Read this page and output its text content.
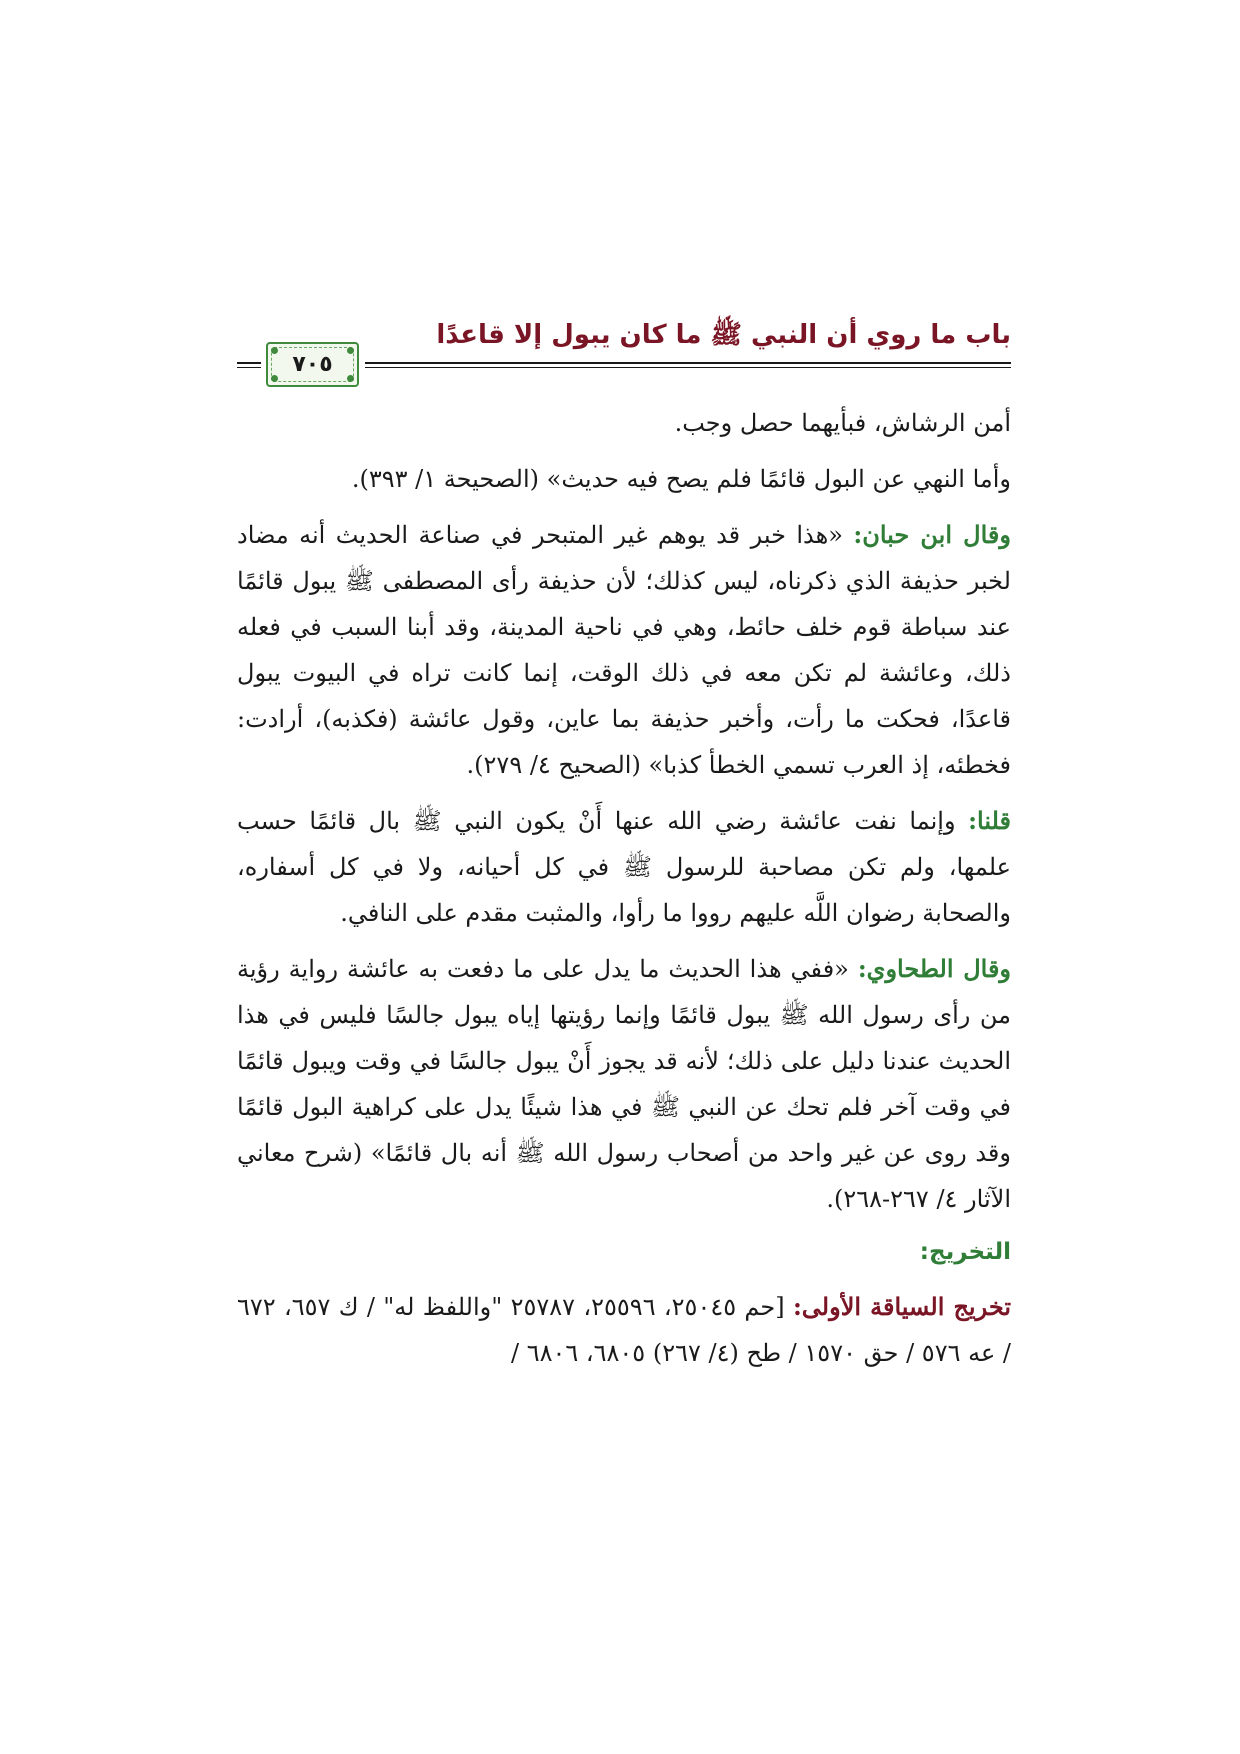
باب ما روي أن النبي ﷺ ما كان يبول إلا قاعدًا
٧٠٥

أمن الرشاش، فبأيهما حصل وجب.

وأما النهي عن البول قائمًا فلم يصح فيه حديث» (الصحيحة ١/ ٣٩٣).

وقال ابن حبان: «هذا خبر قد يوهم غير المتبحر في صناعة الحديث أنه مضاد لخبر حذيفة الذي ذكرناه، ليس كذلك؛ لأن حذيفة رأى المصطفى ﷺ يبول قائمًا عند سباطة قوم خلف حائط، وهي في ناحية المدينة، وقد أبنا السبب في فعله ذلك، وعائشة لم تكن معه في ذلك الوقت، إنما كانت تراه في البيوت يبول قاعدًا، فحكت ما رأت، وأخبر حذيفة بما عاين، وقول عائشة (فكذبه)، أرادت: فخطئه، إذ العرب تسمي الخطأ كذبا» (الصحيح ٤/ ٢٧٩).

قلنا: وإنما نفت عائشة رضي الله عنها أَنْ يكون النبي ﷺ بال قائمًا حسب علمها، ولم تكن مصاحبة للرسول ﷺ في كل أحيانه، ولا في كل أسفاره، والصحابة رضوان اللَّه عليهم رووا ما رأوا، والمثبت مقدم على النافي.

وقال الطحاوي: «ففي هذا الحديث ما يدل على ما دفعت به عائشة رواية رؤية من رأى رسول الله ﷺ يبول قائمًا وإنما رؤيتها إياه يبول جالسًا فليس في هذا الحديث عندنا دليل على ذلك؛ لأنه قد يجوز أَنْ يبول جالسًا في وقت ويبول قائمًا في وقت آخر فلم تحك عن النبي ﷺ في هذا شيئًا يدل على كراهية البول قائمًا وقد روى عن غير واحد من أصحاب رسول الله ﷺ أنه بال قائمًا» (شرح معاني الآثار ٤/ ٢٦٧-٢٦٨).

التخريج:

تخريج السياقة الأولى: [حم ٢٥٠٤٥، ٢٥٥٩٦، ٢٥٧٨٧ "واللفظ له" / ك ٦٥٧، ٦٧٢ / عه ٥٧٦ / حق ١٥٧٠ / طح (٤/ ٢٦٧) ٦٨٠٥، ٦٨٠٦ /
